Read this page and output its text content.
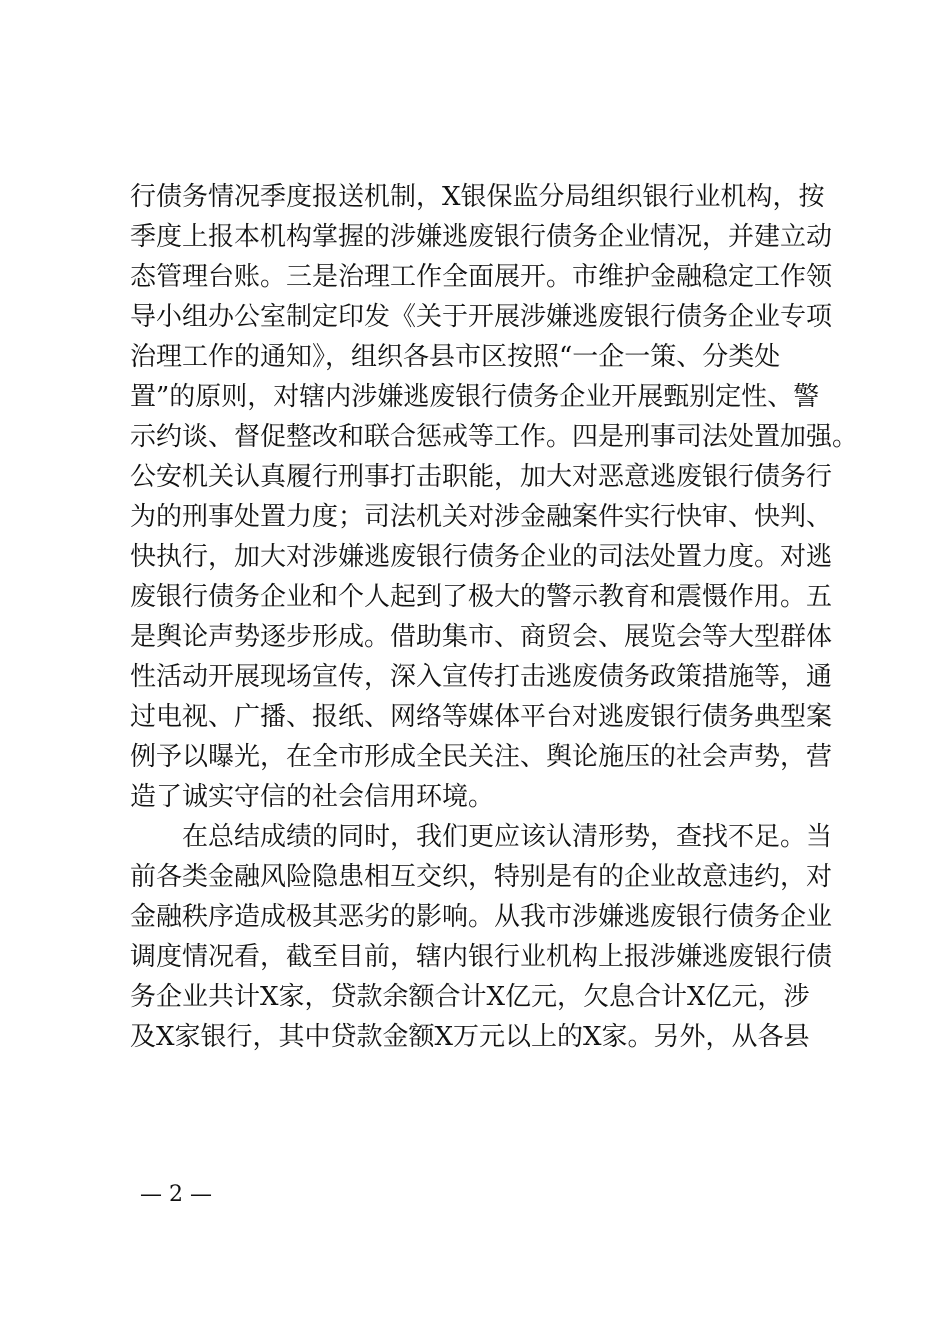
行债务情况季度报送机制，X银保监分局组织银行业机构，按
季度上报本机构掌握的涉嫌逃废银行债务企业情况，并建立动
态管理台账。三是治理工作全面展开。市维护金融稳定工作领
导小组办公室制定印发《关于开展涉嫌逃废银行债务企业专项
治理工作的通知》，组织各县市区按照“一企一策、分类处
置”的原则，对辖内涉嫌逃废银行债务企业开展甄别定性、警
示约谈、督促整改和联合惩戒等工作。四是刑事司法处置加强。
公安机关认真履行刑事打击职能，加大对恶意逃废银行债务行
为的刑事处置力度；司法机关对涉金融案件实行快审、快判、
快执行，加大对涉嫌逃废银行债务企业的司法处置力度。对逃
废银行债务企业和个人起到了极大的警示教育和震慑作用。五
是舆论声势逐步形成。借助集市、商贸会、展览会等大型群体
性活动开展现场宣传，深入宣传打击逃废债务政策措施等，通
过电视、广播、报纸、网络等媒体平台对逃废银行债务典型案
例予以曝光，在全市形成全民关注、舆论施压的社会声势，营
造了诚实守信的社会信用环境。
在总结成绩的同时，我们更应该认清形势，查找不足。当
前各类金融风险隐患相互交织，特别是有的企业故意违约，对
金融秩序造成极其恶劣的影响。从我市涉嫌逃废银行债务企业
调度情况看，截至目前，辖内银行业机构上报涉嫌逃废银行债
务企业共计X家，贷款余额合计X亿元，欠息合计X亿元，涉
及X家银行，其中贷款金额X万元以上的X家。另外，从各县
— 2 —
